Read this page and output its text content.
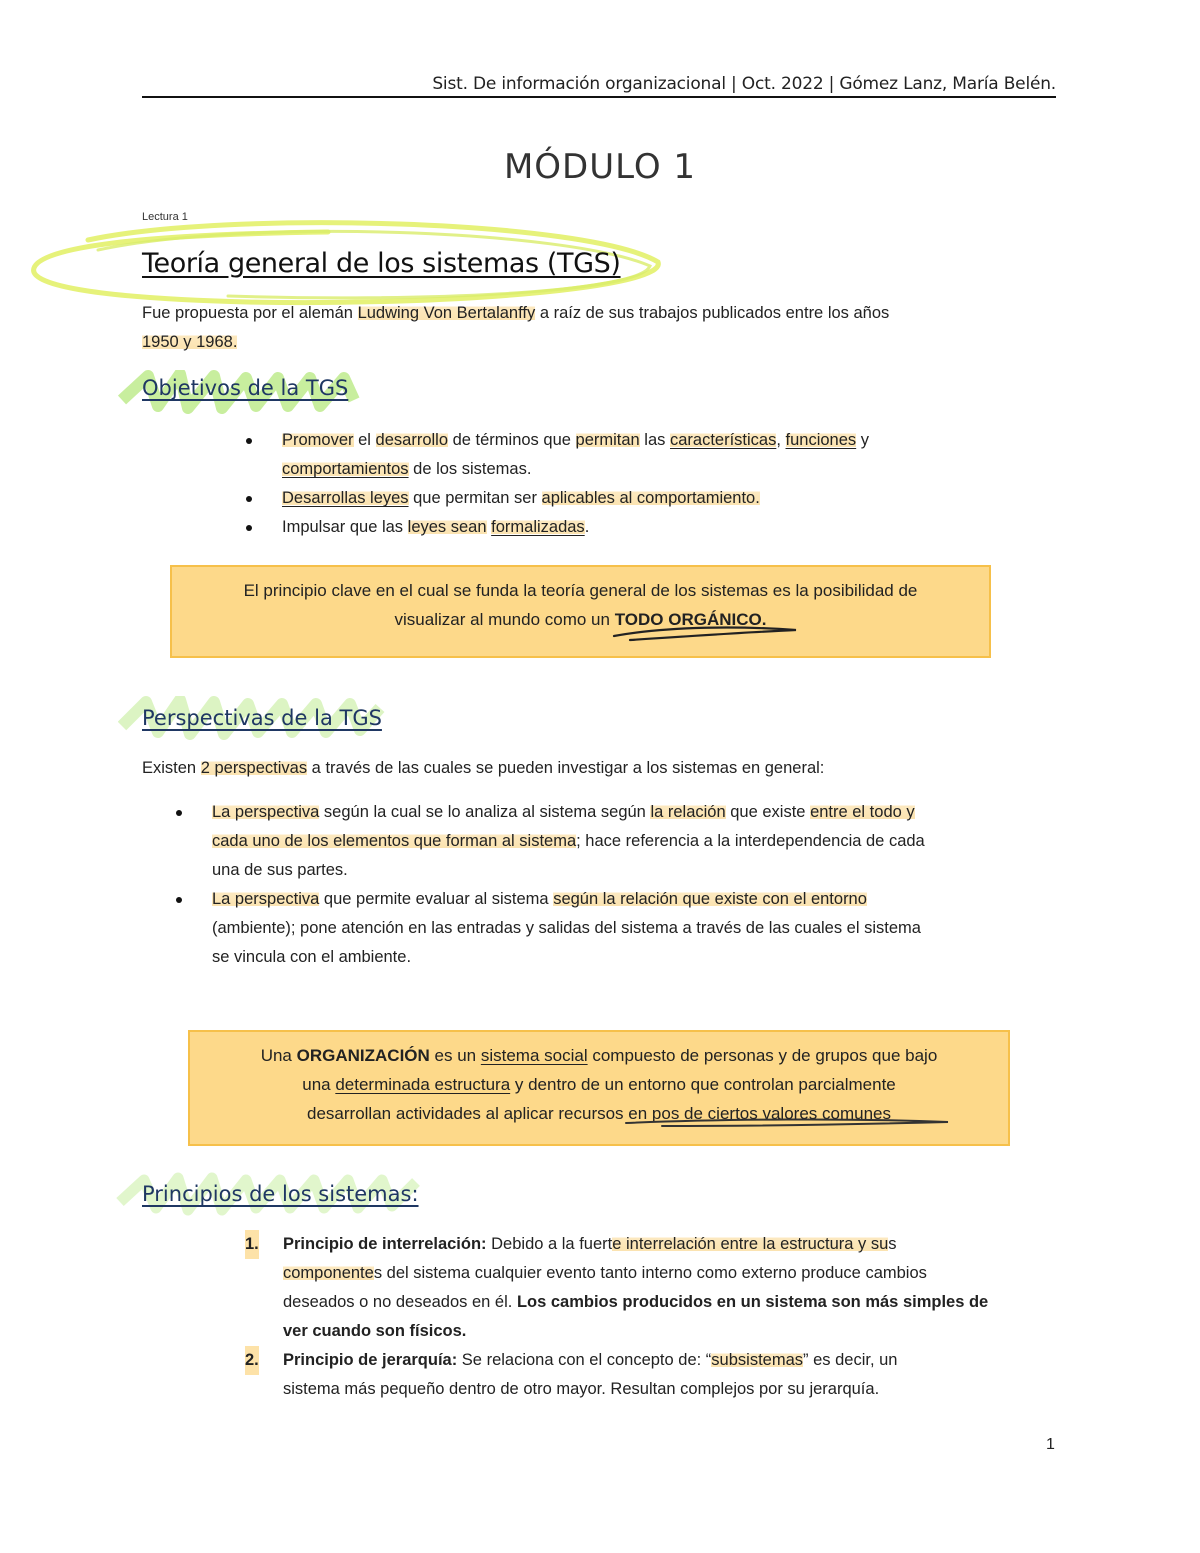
Sist. De información organizacional | Oct. 2022 | Gómez Lanz, María Belén.
MÓDULO 1
Lectura 1
Teoría general de los sistemas (TGS)
Fue propuesta por el alemán Ludwing Von Bertalanffy a raíz de sus trabajos publicados entre los años
1950 y 1968.
Objetivos de la TGS
Promover el desarrollo de términos que permitan las características, funciones y
comportamientos de los sistemas.
Desarrollas leyes que permitan ser aplicables al comportamiento.
Impulsar que las leyes sean formalizadas.
El principio clave en el cual se funda la teoría general de los sistemas es la posibilidad de
visualizar al mundo como un TODO ORGÁNICO.
Perspectivas de la TGS
Existen 2 perspectivas a través de las cuales se pueden investigar a los sistemas en general:
La perspectiva según la cual se lo analiza al sistema según la relación que existe entre el todo y
cada uno de los elementos que forman al sistema; hace referencia a la interdependencia de cada
una de sus partes.
La perspectiva que permite evaluar al sistema según la relación que existe con el entorno
(ambiente); pone atención en las entradas y salidas del sistema a través de las cuales el sistema
se vincula con el ambiente.
Una ORGANIZACIÓN es un sistema social compuesto de personas y de grupos que bajo
una determinada estructura y dentro de un entorno que controlan parcialmente
desarrollan actividades al aplicar recursos en pos de ciertos valores comunes
Principios de los sistemas:
1. Principio de interrelación: Debido a la fuerte interrelación entre la estructura y sus
componentes del sistema cualquier evento tanto interno como externo produce cambios
deseados o no deseados en él. Los cambios producidos en un sistema son más simples de
ver cuando son físicos.
2. Principio de jerarquía: Se relaciona con el concepto de: “subsistemas” es decir, un
sistema más pequeño dentro de otro mayor. Resultan complejos por su jerarquía.
1
